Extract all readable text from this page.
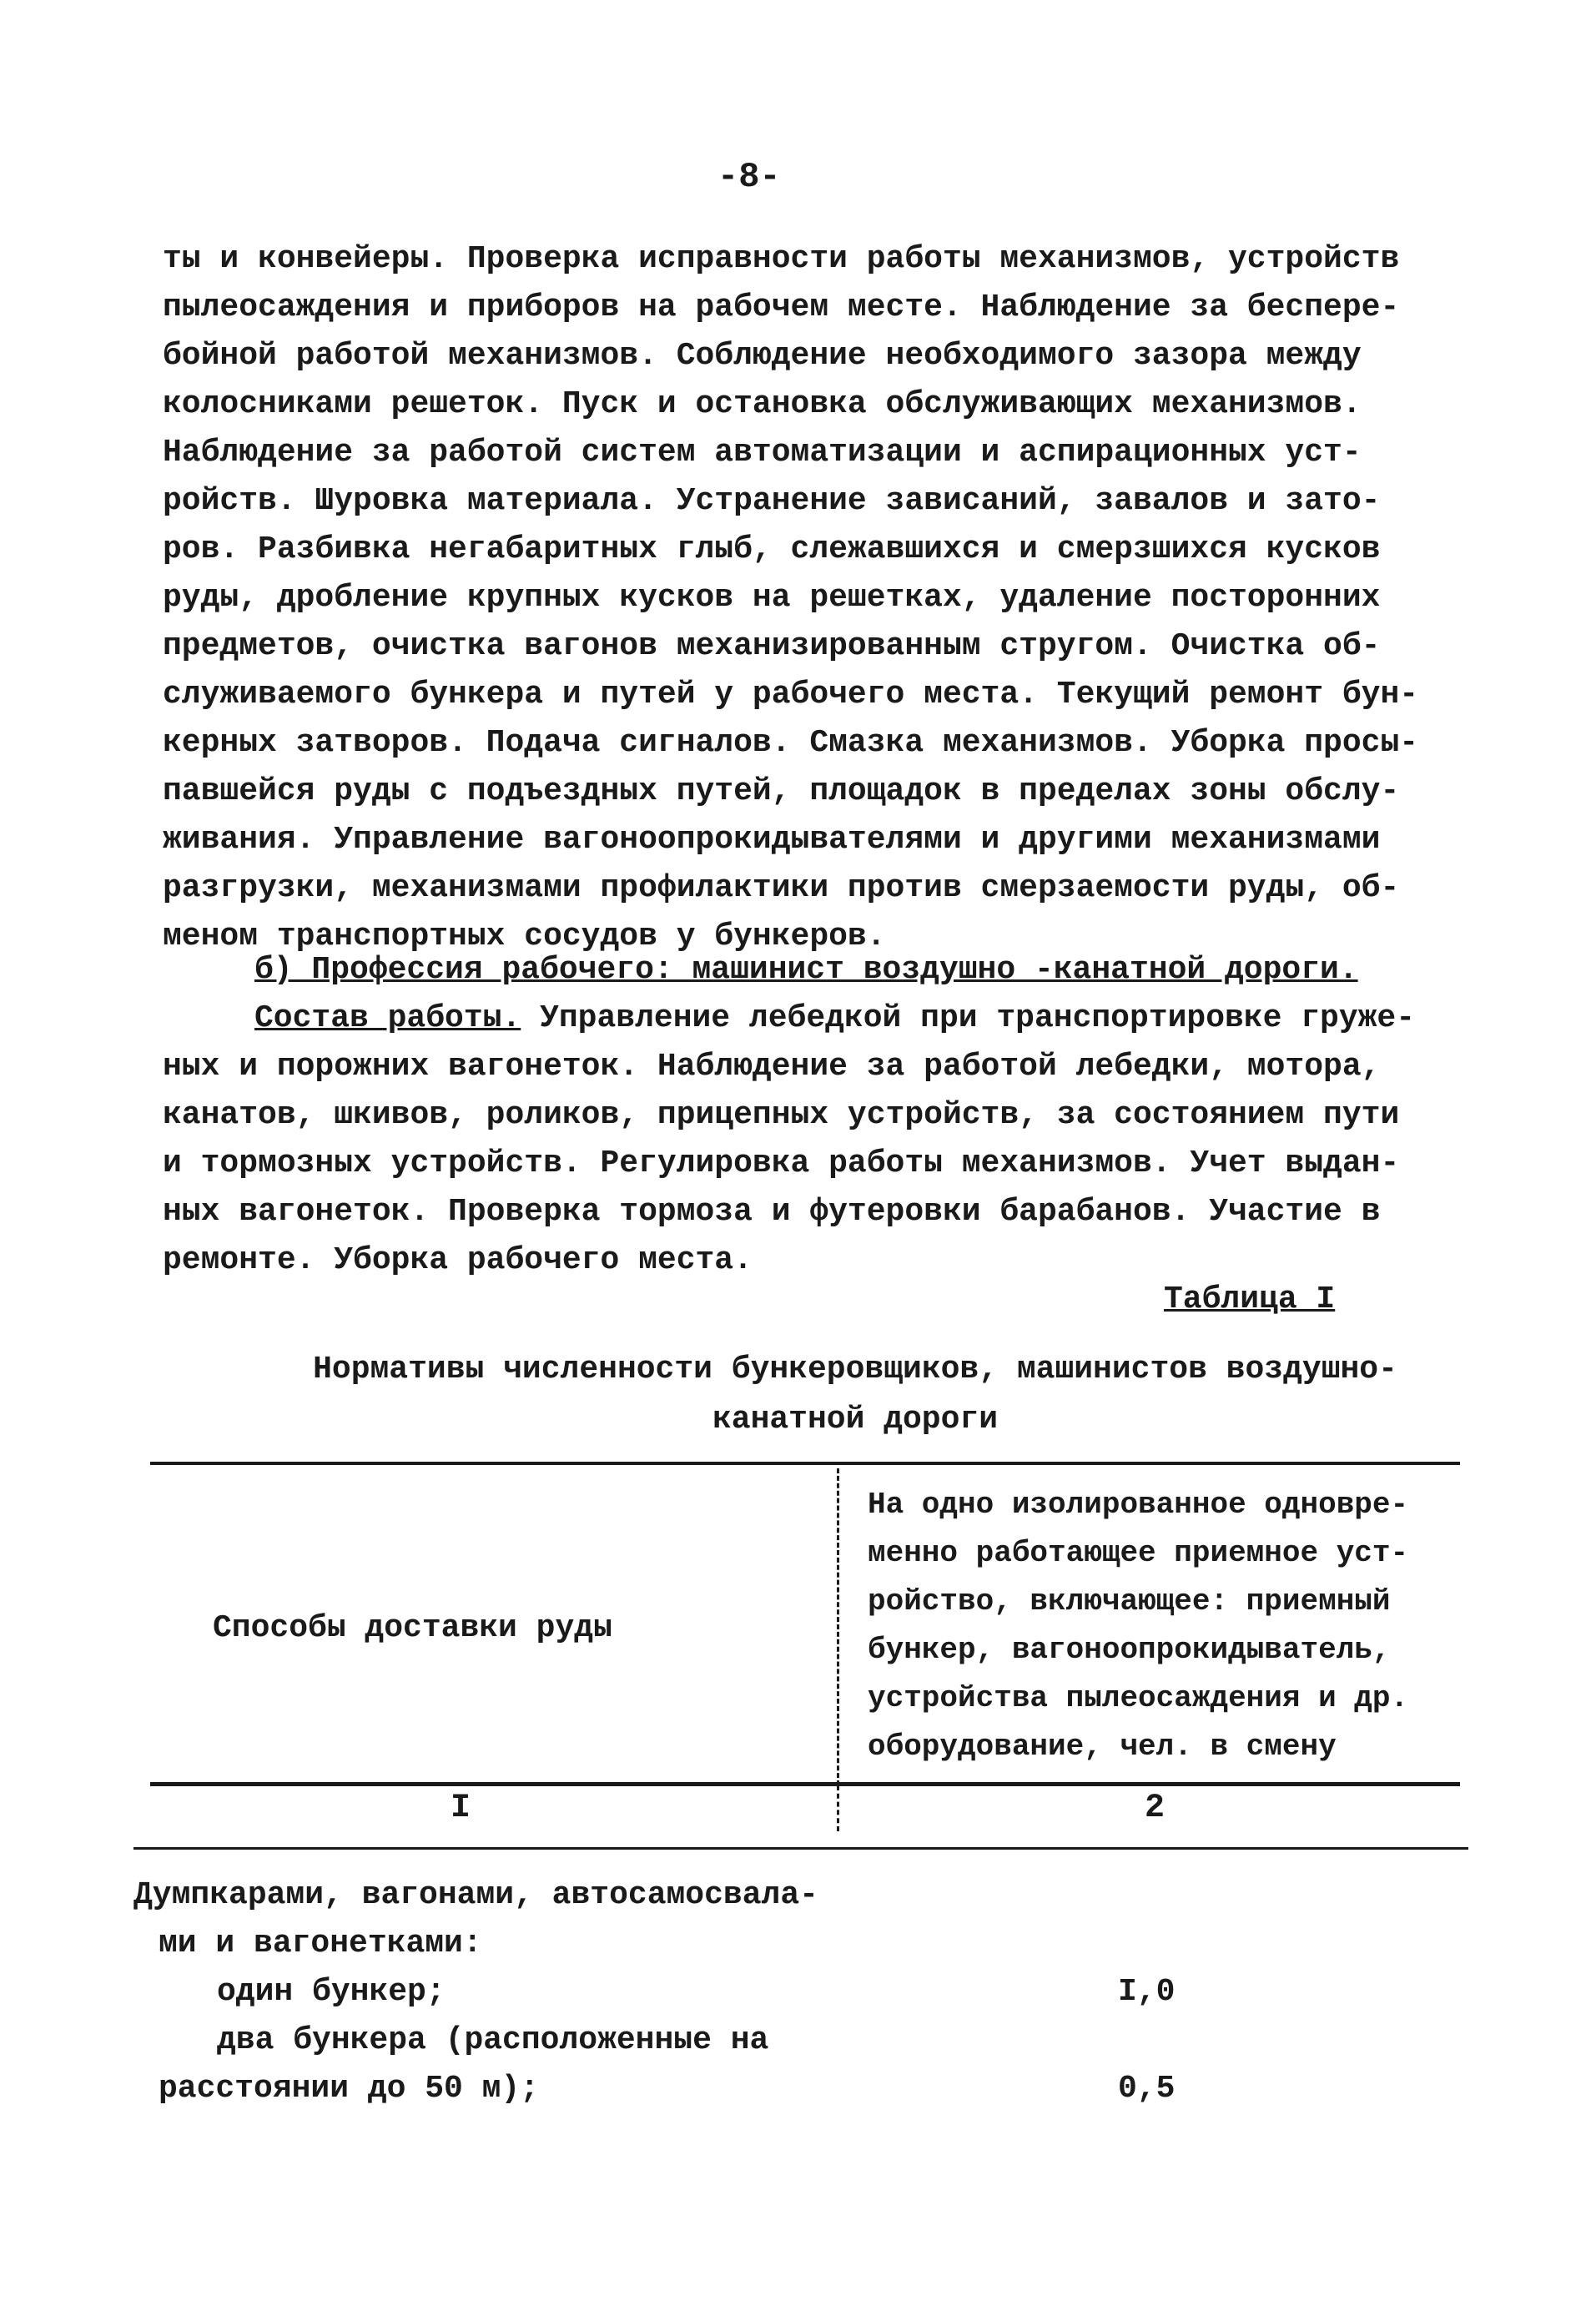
-8-
ты и конвейеры. Проверка исправности работы механизмов, устройств
пылеосаждения и приборов на рабочем месте. Наблюдение за бесперe-
бойной работой механизмов. Соблюдение необходимого зазора между
колосниками решеток. Пуск и остановка обслуживающих механизмов.
Наблюдение за работой систем автоматизации и аспирационных уст-
ройств. Шуровка материала. Устранение зависаний, завалов и зато-
ров. Разбивка негабаритных глыб, слежавшихся и смерзшихся кусков
руды, дробление крупных кусков на решетках, удаление посторонних
предметов, очистка вагонов механизированным стругом. Очистка об-
служиваемого бункера и путей у рабочего места. Текущий ремонт бун-
керных затворов. Подача сигналов. Смазка механизмов. Уборка просы-
павшейся руды с подъездных путей, площадок в пределах зоны обслу-
живания. Управление вагоноопрокидывателями и другими механизмами
разгрузки, механизмами профилактики против смерзаемости руды, об-
меном транспортных сосудов у бункеров.
б) Профессия рабочего: машинист воздушно -канатной дороги.
Состав работы. Управление лебедкой при транспортировке груже-
ных и порожних вагонеток. Наблюдение за работой лебедки, мотора,
канатов, шкивов, роликов, прицепных устройств, за состоянием пути
и тормозных устройств. Регулировка работы механизмов. Учет выдан-
ных вагонеток. Проверка тормоза и футеровки барабанов. Участие в
ремонте. Уборка рабочего места.
Таблица I
Нормативы численности бункеровщиков, машинистов воздушно-
канатной дороги
Способы доставки руды
На одно изолированное одновре-
менно работающее приемное уст-
ройство, включающее: приемный
бункер, вагоноопрокидыватель,
устройства пылеосаждения и др.
оборудование, чел. в смену
I	2
Думпкарами, вагонами, автосамосвала-
ми и вагонетками:
один бункер;	I,0
два бункера (расположенные на
расстоянии до 50 м);	0,5
